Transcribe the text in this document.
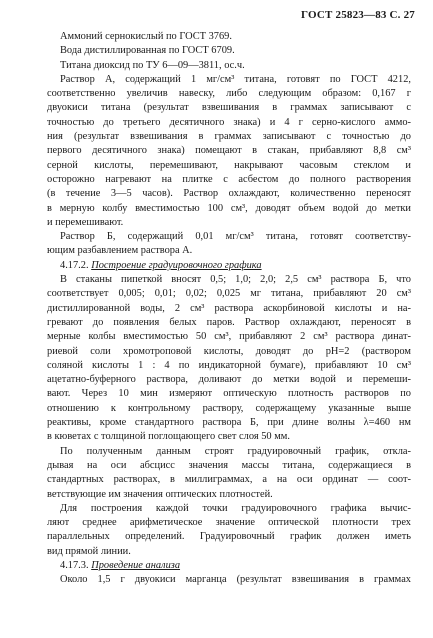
ГОСТ 25823—83 С. 27
Аммоний сернокислый по ГОСТ 3769.
Вода дистиллированная по ГОСТ 6709.
Титана диоксид по ТУ 6—09—3811, ос.ч.
Раствор А, содержащий 1 мг/см³ титана, готовят по ГОСТ 4212,
соответственно увеличив навеску, либо следующим образом: 0,167 г
двуокиси титана (результат взвешивания в граммах записывают с
точностью до третьего десятичного знака) и 4 г серно-кислого аммо-
ния (результат взвешивания в граммах записывают с точностью до
первого десятичного знака) помещают в стакан, прибавляют 8,8 см³
серной кислоты, перемешивают, накрывают часовым стеклом и
осторожно нагревают на плитке с асбестом до полного растворения
(в течение 3—5 часов). Раствор охлаждают, количественно переносят
в мерную колбу вместимостью 100 см³, доводят объем водой до метки
и перемешивают.
Раствор Б, содержащий 0,01 мг/см³ титана, готовят соответству-
ющим разбавлением раствора А.
4.17.2. Построение градуировочного графика
В стаканы пипеткой вносят 0,5; 1,0; 2,0; 2,5 см³ раствора Б, что
соответствует 0,005; 0,01; 0,02; 0,025 мг титана, прибавляют 20 см³
дистиллированной воды, 2 см³ раствора аскорбиновой кислоты и на-
гревают до появления белых паров. Раствор охлаждают, переносят в
мерные колбы вместимостью 50 см³, прибавляют 2 см³ раствора динат-
риевой соли хромотроповой кислоты, доводят до pH=2 (раствором
соляной кислоты 1 : 4 по индикаторной бумаге), прибавляют 10 см³
ацетатно-буферного раствора, доливают до метки водой и перемеши-
вают. Через 10 мин измеряют оптическую плотность растворов по
отношению к контрольному раствору, содержащему указанные выше
реактивы, кроме стандартного раствора Б, при длине волны λ=460 нм
в кюветах с толщиной поглощающего свет слоя 50 мм.
По полученным данным строят градуировочный график, откла-
дывая на оси абсцисс значения массы титана, содержащиеся в
стандартных растворах, в миллиграммах, а на оси ординат — соот-
ветствующие им значения оптических плотностей.
Для построения каждой точки градуировочного графика вычис-
ляют среднее арифметическое значение оптической плотности трех
параллельных определений. Градуировочный график должен иметь
вид прямой линии.
4.17.3. Проведение анализа
Около 1,5 г двуокиси марганца (результат взвешивания в граммах
